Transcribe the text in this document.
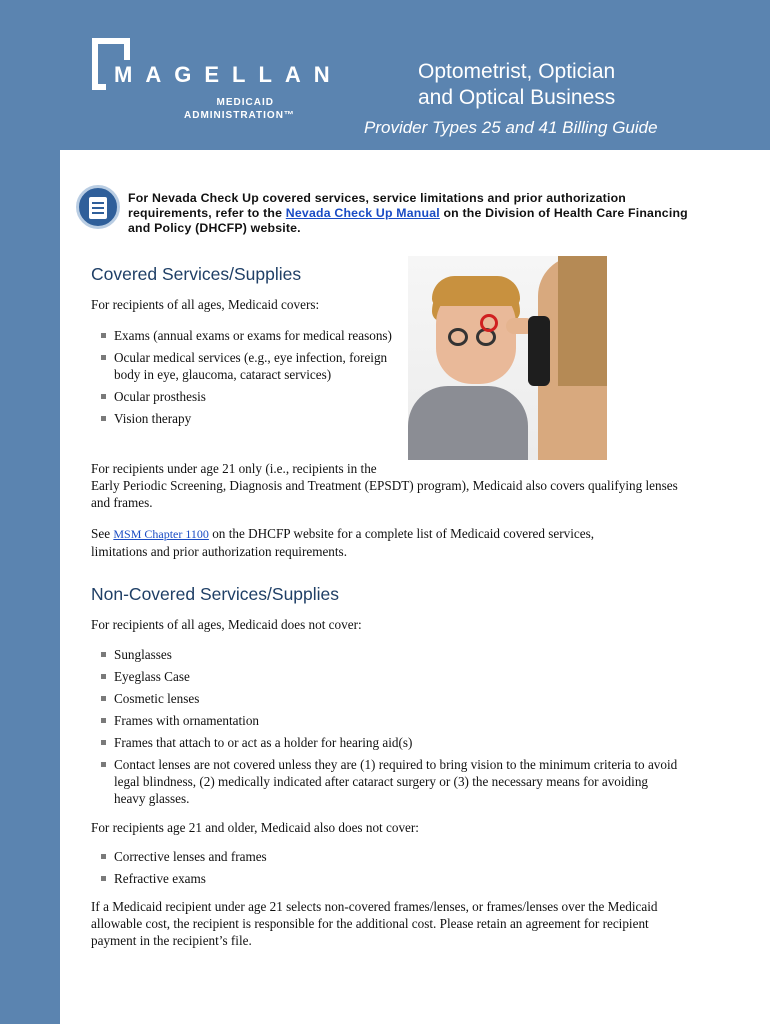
MAGELLAN
MEDICAID
ADMINISTRATION™
Optometrist, Optician
and Optical Business
Provider Types 25 and 41 Billing Guide
For Nevada Check Up covered services, service limitations and prior authorization requirements, refer to the Nevada Check Up Manual on the Division of Health Care Financing and Policy (DHCFP) website.
Covered Services/Supplies
For recipients of all ages, Medicaid covers:
Exams (annual exams or exams for medical reasons)
Ocular medical services (e.g., eye infection, foreign body in eye, glaucoma, cataract services)
Ocular prosthesis
Vision therapy
For recipients under age 21 only (i.e., recipients in the
Early Periodic Screening, Diagnosis and Treatment (EPSDT) program), Medicaid also covers qualifying lenses and frames.
See MSM Chapter 1100 on the DHCFP website for a complete list of Medicaid covered services, limitations and prior authorization requirements.
Non-Covered Services/Supplies
For recipients of all ages, Medicaid does not cover:
Sunglasses
Eyeglass Case
Cosmetic lenses
Frames with ornamentation
Frames that attach to or act as a holder for hearing aid(s)
Contact lenses are not covered unless they are (1) required to bring vision to the minimum criteria to avoid legal blindness, (2) medically indicated after cataract surgery or (3) the necessary means for avoiding heavy glasses.
For recipients age 21 and older, Medicaid also does not cover:
Corrective lenses and frames
Refractive exams
If a Medicaid recipient under age 21 selects non-covered frames/lenses, or frames/lenses over the Medicaid allowable cost, the recipient is responsible for the additional cost. Please retain an agreement for recipient payment in the recipient’s file.
